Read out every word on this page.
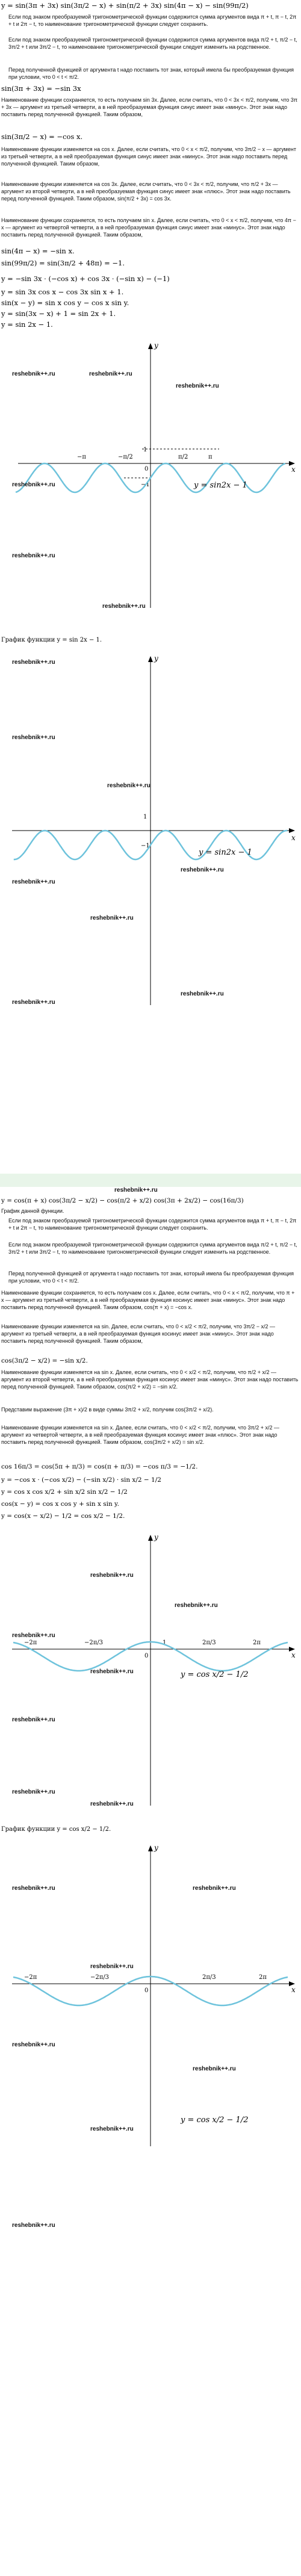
y = sin(3π + 3x) sin(3π/2 − x) + sin(π/2 + 3x) sin(4π − x) − sin(99π/2)
Если под знаком преобразуемой тригонометрической функции содержится сумма аргументов вида π + t, π − t, 2π + t и 2π − t, то наименование тригонометрической функции следует сохранить.
Если под знаком преобразуемой тригонометрической функции содержится сумма аргументов вида π/2 + t, π/2 − t, 3π/2 + t или 3π/2 − t, то наименование тригонометрической функции следует изменить на родственное.
Перед полученной функцией от аргумента t надо поставить тот знак, который имела бы преобразуемая функция при условии, что 0 < t < π/2.
sin(3π + 3x) = −sin 3x
Наименование функции сохраняется, то есть получаем sin 3x. Далее, если считать, что 0 < 3x < π/2, получим, что 3π + 3x — аргумент из третьей четверти, а в ней преобразуемая функция синус имеет знак «минус». Этот знак надо поставить перед полученной функцией. Таким образом,
sin(3π/2 − x) = −cos x.
Наименование функции изменяется на cos x. Далее, если считать, что 0 < x < π/2, получим, что 3π/2 − x — аргумент из третьей четверти, а в ней преобразуемая функция синус имеет знак «минус». Этот знак надо поставить перед полученной функцией. Таким образом,
Наименование функции изменяется на cos 3x. Далее, если считать, что 0 < 3x < π/2, получим, что π/2 + 3x — аргумент из второй четверти, а в ней преобразуемая функция синус имеет знак «плюс». Этот знак надо поставить перед полученной функцией. Таким образом, sin(π/2 + 3x) = cos 3x.
Наименование функции сохраняется, то есть получаем sin x. Далее, если считать, что 0 < x < π/2, получим, что 4π − x — аргумент из четвертой четверти, а в ней преобразуемая функция синус имеет знак «минус». Этот знак надо поставить перед полученной функцией. Таким образом,
sin(4π − x) = −sin x.
sin(99π/2) = sin(3π/2 + 48π) = −1.
y = −sin 3x · (−cos x) + cos 3x · (−sin x) − (−1)
y = sin 3x cos x − cos 3x sin x + 1.
sin(x − y) = sin x cos y − cos x sin y.
y = sin(3x − x) + 1 = sin 2x + 1.
y = sin 2x − 1.
x
y
1
−1
−π	−π/2
0
π/2	π
y = sin2x − 1
reshebnik++.ru	reshebnik++.ru
reshebnik++.ru
reshebnik++.ru
reshebnik++.ru
reshebnik++.ru
График функции y = sin 2x − 1.
x
y
1
−1
y = sin2x − 1
reshebnik++.ru
reshebnik++.ru
reshebnik++.ru
reshebnik++.ru
reshebnik++.ru
reshebnik++.ru
reshebnik++.ru
reshebnik++.ru
reshebnik++.ru
y = cos(π + x) cos(3π/2 − x/2) − cos(π/2 + x/2) cos(3π + 2x/2) − cos(16π/3)
График данной функции.
Если под знаком преобразуемой тригонометрической функции содержится сумма аргументов вида π + t, π − t, 2π + t и 2π − t, то наименование тригонометрической функции следует сохранить.
Если под знаком преобразуемой тригонометрической функции содержится сумма аргументов вида π/2 + t, π/2 − t, 3π/2 + t или 3π/2 − t, то наименование тригонометрической функции следует изменить на родственное.
Перед полученной функцией от аргумента t надо поставить тот знак, который имела бы преобразуемая функция при условии, что 0 < t < π/2.
Наименование функции сохраняется, то есть получаем cos x. Далее, если считать, что 0 < x < π/2, получим, что π + x — аргумент из третьей четверти, а в ней преобразуемая функция косинус имеет знак «минус». Этот знак надо поставить перед полученной функцией. Таким образом, cos(π + x) = −cos x.
Наименование функции изменяется на sin. Далее, если считать, что 0 < x/2 < π/2, получим, что 3π/2 − x/2 — аргумент из третьей четверти, а в ней преобразуемая функция косинус имеет знак «минус». Этот знак надо поставить перед полученной функцией. Таким образом,
cos(3π/2 − x/2) = −sin x/2.
Наименование функции изменяется на sin x. Далее, если считать, что 0 < x/2 < π/2, получим, что π/2 + x/2 — аргумент из второй четверти, а в ней преобразуемая функция косинус имеет знак «минус». Этот знак надо поставить перед полученной функцией. Таким образом, cos(π/2 + x/2) = −sin x/2.
Представим выражение (3π + x)/2 в виде суммы 3π/2 + x/2, получим cos(3π/2 + x/2).
Наименование функции изменяется на sin x. Далее, если считать, что 0 < x/2 < π/2, получим, что 3π/2 + x/2 — аргумент из четвертой четверти, а в ней преобразуемая функция косинус имеет знак «плюс». Этот знак надо поставить перед полученной функцией. Таким образом, cos(3π/2 + x/2) = sin x/2.
cos 16π/3 = cos(5π + π/3) = cos(π + π/3) = −cos π/3 = −1/2.
y = −cos x · (−cos x/2) − (−sin x/2) · sin x/2 − 1/2
y = cos x cos x/2 + sin x/2 sin x/2 − 1/2
cos(x − y) = cos x cos y + sin x sin y.
y = cos(x − x/2) − 1/2 = cos x/2 − 1/2.
x
y
−2π	−2π/3
0
1	2π/3	2π
y = cos x/2 − 1/2
reshebnik++.ru
reshebnik++.ru
reshebnik++.ru
reshebnik++.ru
reshebnik++.ru
reshebnik++.ru
reshebnik++.ru
График функции y = cos x/2 − 1/2.
x
y
−2π	−2π/3
0
2π/3	2π
y = cos x/2 − 1/2
reshebnik++.ru	reshebnik++.ru
reshebnik++.ru
reshebnik++.ru
reshebnik++.ru
reshebnik++.ru
reshebnik++.ru
